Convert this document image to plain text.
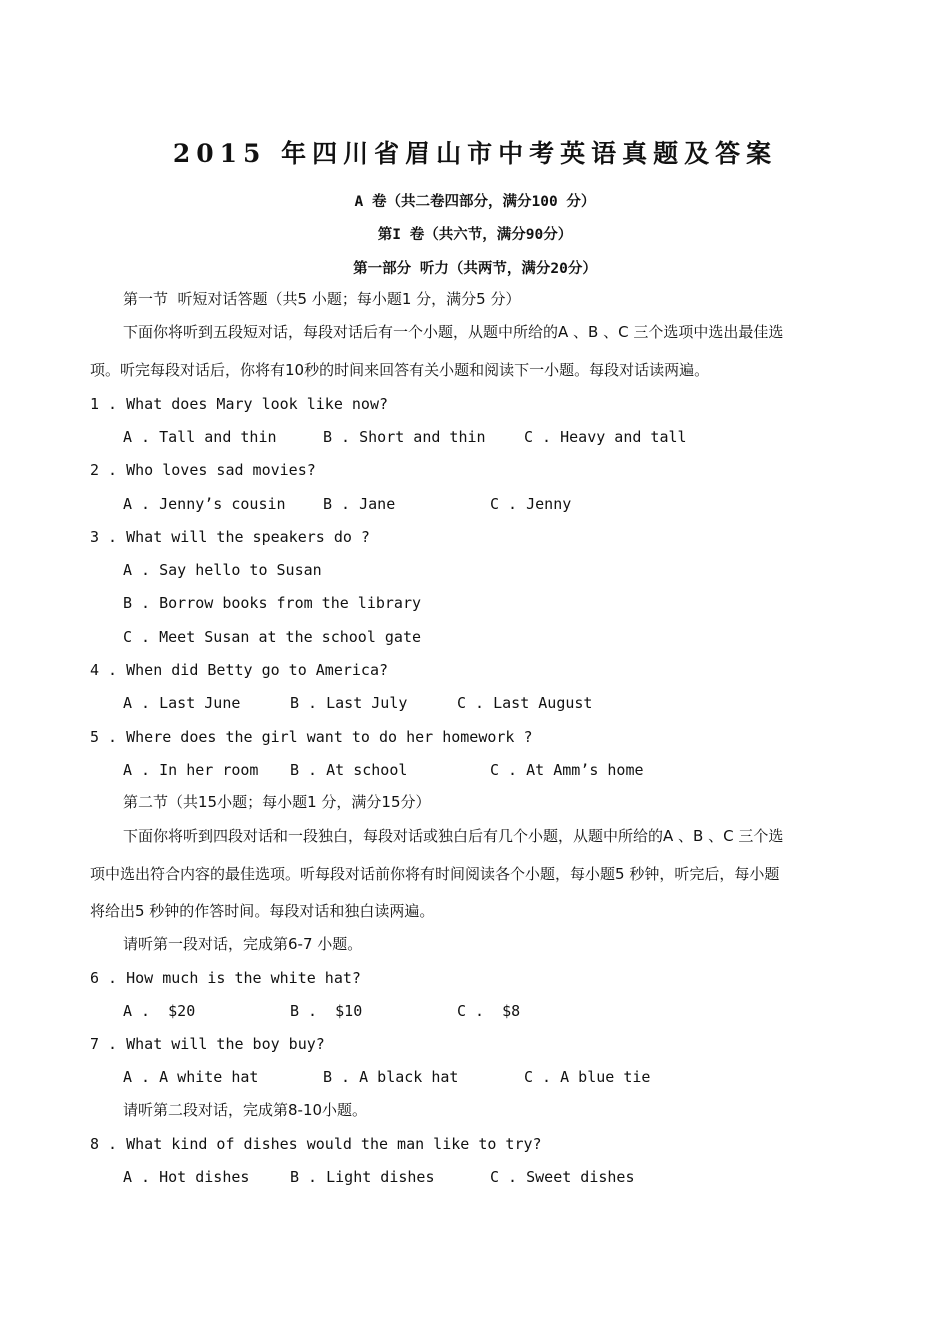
2015 年四川省眉山市中考英语真题及答案
A 卷（共二卷四部分，满分100 分）
第I 卷（共六节，满分90分）
第一部分 听力（共两节，满分20分）
第一节  听短对话答题（共5 小题；每小题1 分，满分5 分）
下面你将听到五段短对话，每段对话后有一个小题，从题中所给的A 、B 、C 三个选项中选出最佳选
项。听完每段对话后，你将有10秒的时间来回答有关小题和阅读下一小题。每段对话读两遍。
1 . What does Mary look like now?
A . Tall and thin	B . Short and thin	C . Heavy and tall
2 . Who loves sad movies?
A . Jenny’s cousin B . Jane	C . Jenny
3 . What will the speakers do ?
A . Say hello to Susan
B . Borrow books from the library
C . Meet Susan at the school gate
4 . When did Betty go to America?
A . Last June	B . Last July	C . Last August
5 . Where does the girl want to do her homework ?
A . In her room B . At school	C . At Amm’s home
第二节（共15小题；每小题1 分，满分15分）
下面你将听到四段对话和一段独白，每段对话或独白后有几个小题，从题中所给的A 、B 、C 三个选
项中选出符合内容的最佳选项。听每段对话前你将有时间阅读各个小题，每小题5 秒钟，听完后，每小题
将给出5 秒钟的作答时间。每段对话和独白读两遍。
请听第一段对话，完成第6-7 小题。
6 . How much is the white hat?
A .  $20	B .  $10	C .  $8
7 . What will the boy buy?
A . A white hat	B . A black hat	C . A blue tie
请听第二段对话，完成第8-10小题。
8 . What kind of dishes would the man like to try?
A . Hot dishes	B . Light dishes	C . Sweet dishes
